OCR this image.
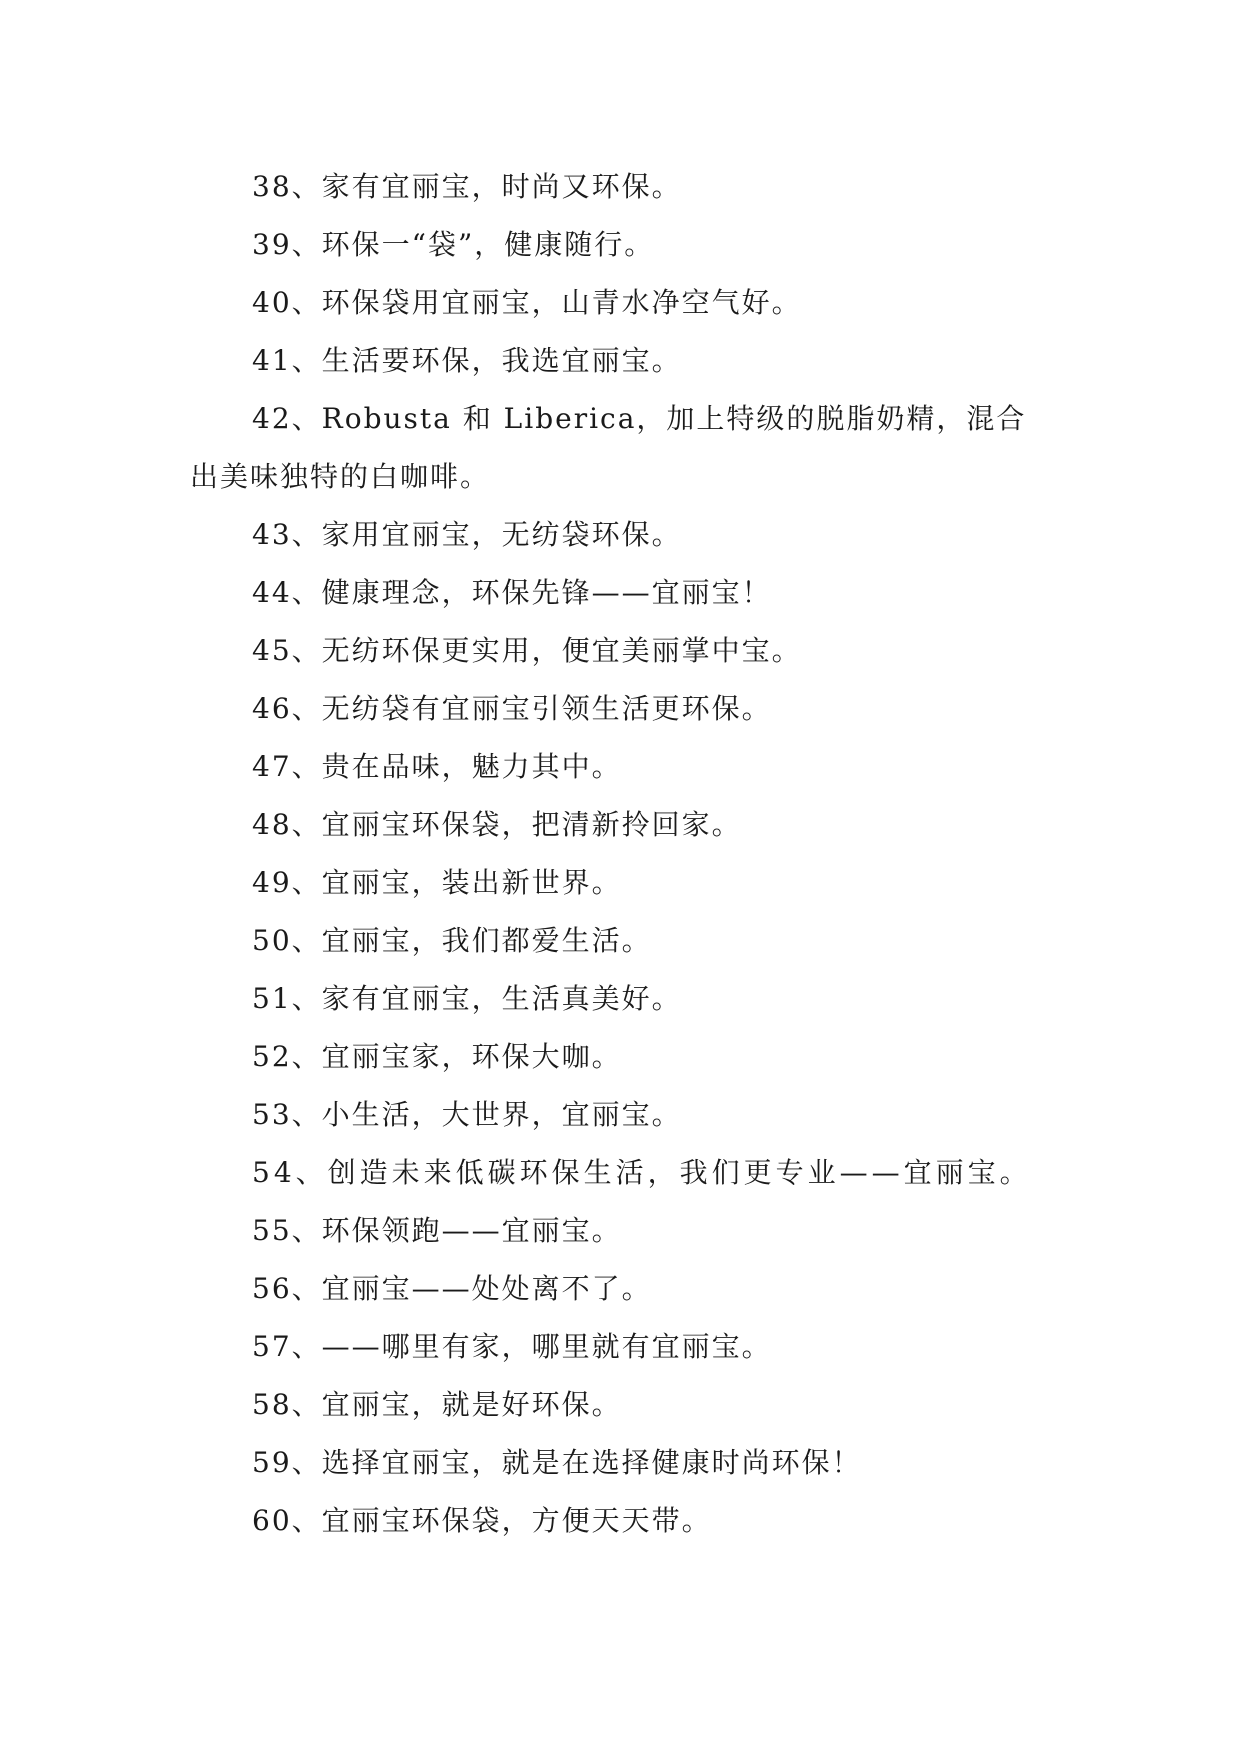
38、家有宜丽宝，时尚又环保。

39、环保一“袋”，健康随行。

40、环保袋用宜丽宝，山青水净空气好。

41、生活要环保，我选宜丽宝。

42、Robusta 和 Liberica，加上特级的脱脂奶精，混合
出美味独特的白咖啡。

43、家用宜丽宝，无纺袋环保。

44、健康理念，环保先锋——宜丽宝！

45、无纺环保更实用，便宜美丽掌中宝。

46、无纺袋有宜丽宝引领生活更环保。

47、贵在品味，魅力其中。

48、宜丽宝环保袋，把清新拎回家。

49、宜丽宝，装出新世界。

50、宜丽宝，我们都爱生活。

51、家有宜丽宝，生活真美好。

52、宜丽宝家，环保大咖。

53、小生活，大世界，宜丽宝。

54、创造未来低碳环保生活，我们更专业——宜丽宝。

55、环保领跑——宜丽宝。

56、宜丽宝——处处离不了。

57、——哪里有家，哪里就有宜丽宝。

58、宜丽宝，就是好环保。

59、选择宜丽宝，就是在选择健康时尚环保！

60、宜丽宝环保袋，方便天天带。
